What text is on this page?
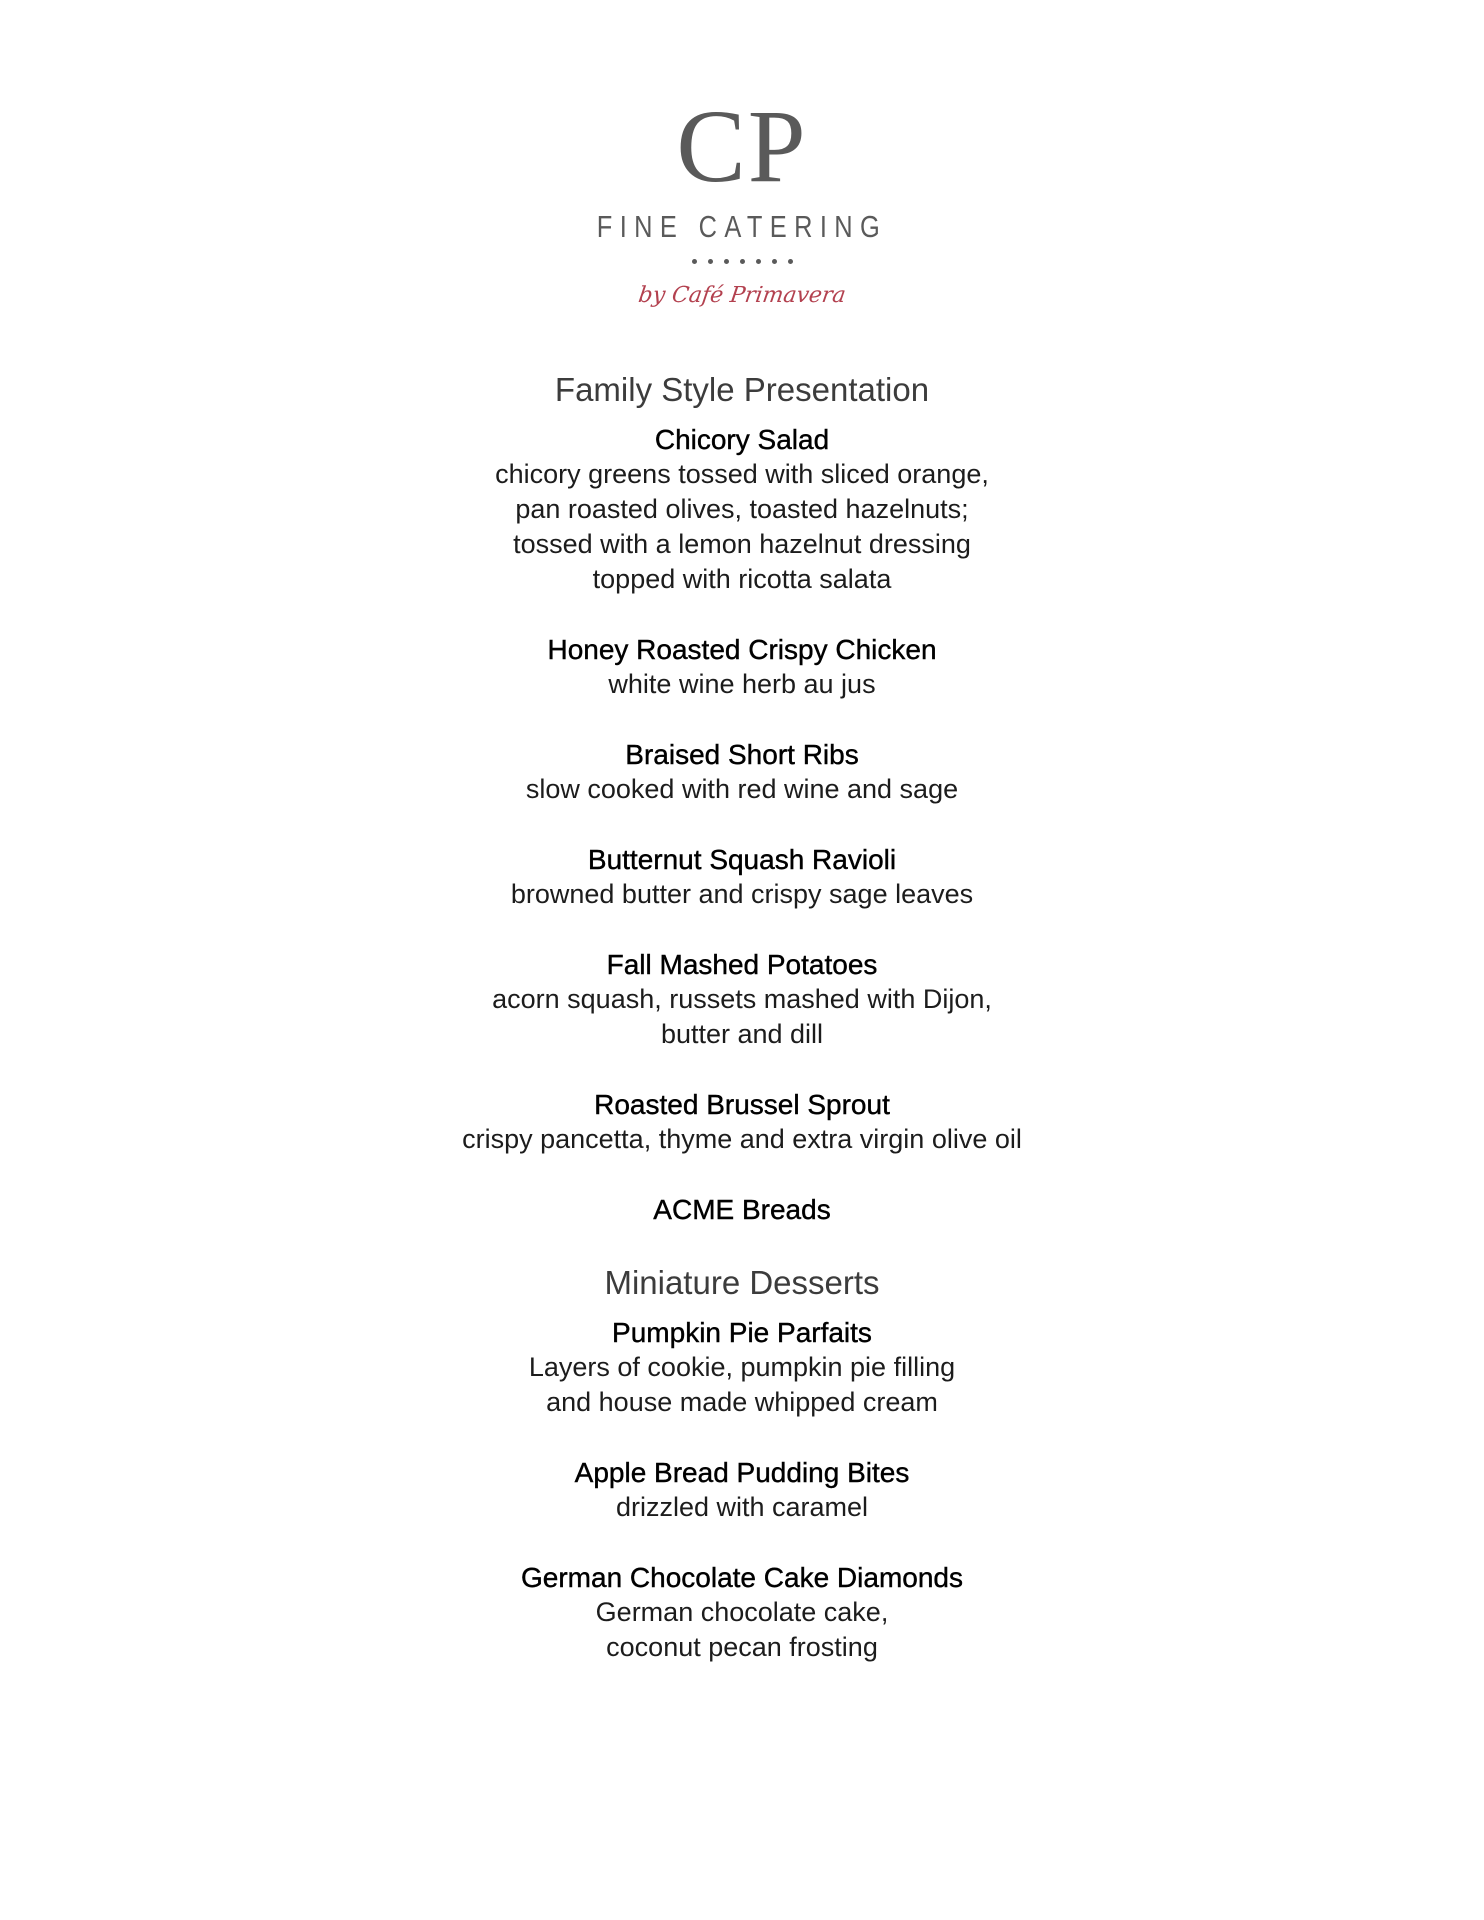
CP
FINE CATERING
by Café Primavera
Family Style Presentation
Chicory Salad
chicory greens tossed with sliced orange,
pan roasted olives, toasted hazelnuts;
tossed with a lemon hazelnut dressing
topped with ricotta salata
Honey Roasted Crispy Chicken
white wine herb au jus
Braised Short Ribs
slow cooked with red wine and sage
Butternut Squash Ravioli
browned butter and crispy sage leaves
Fall Mashed Potatoes
acorn squash, russets mashed with Dijon,
butter and dill
Roasted Brussel Sprout
crispy pancetta, thyme and extra virgin olive oil
ACME Breads
Miniature Desserts
Pumpkin Pie Parfaits
Layers of cookie, pumpkin pie filling
and house made whipped cream
Apple Bread Pudding Bites
drizzled with caramel
German Chocolate Cake Diamonds
German chocolate cake,
coconut pecan frosting
